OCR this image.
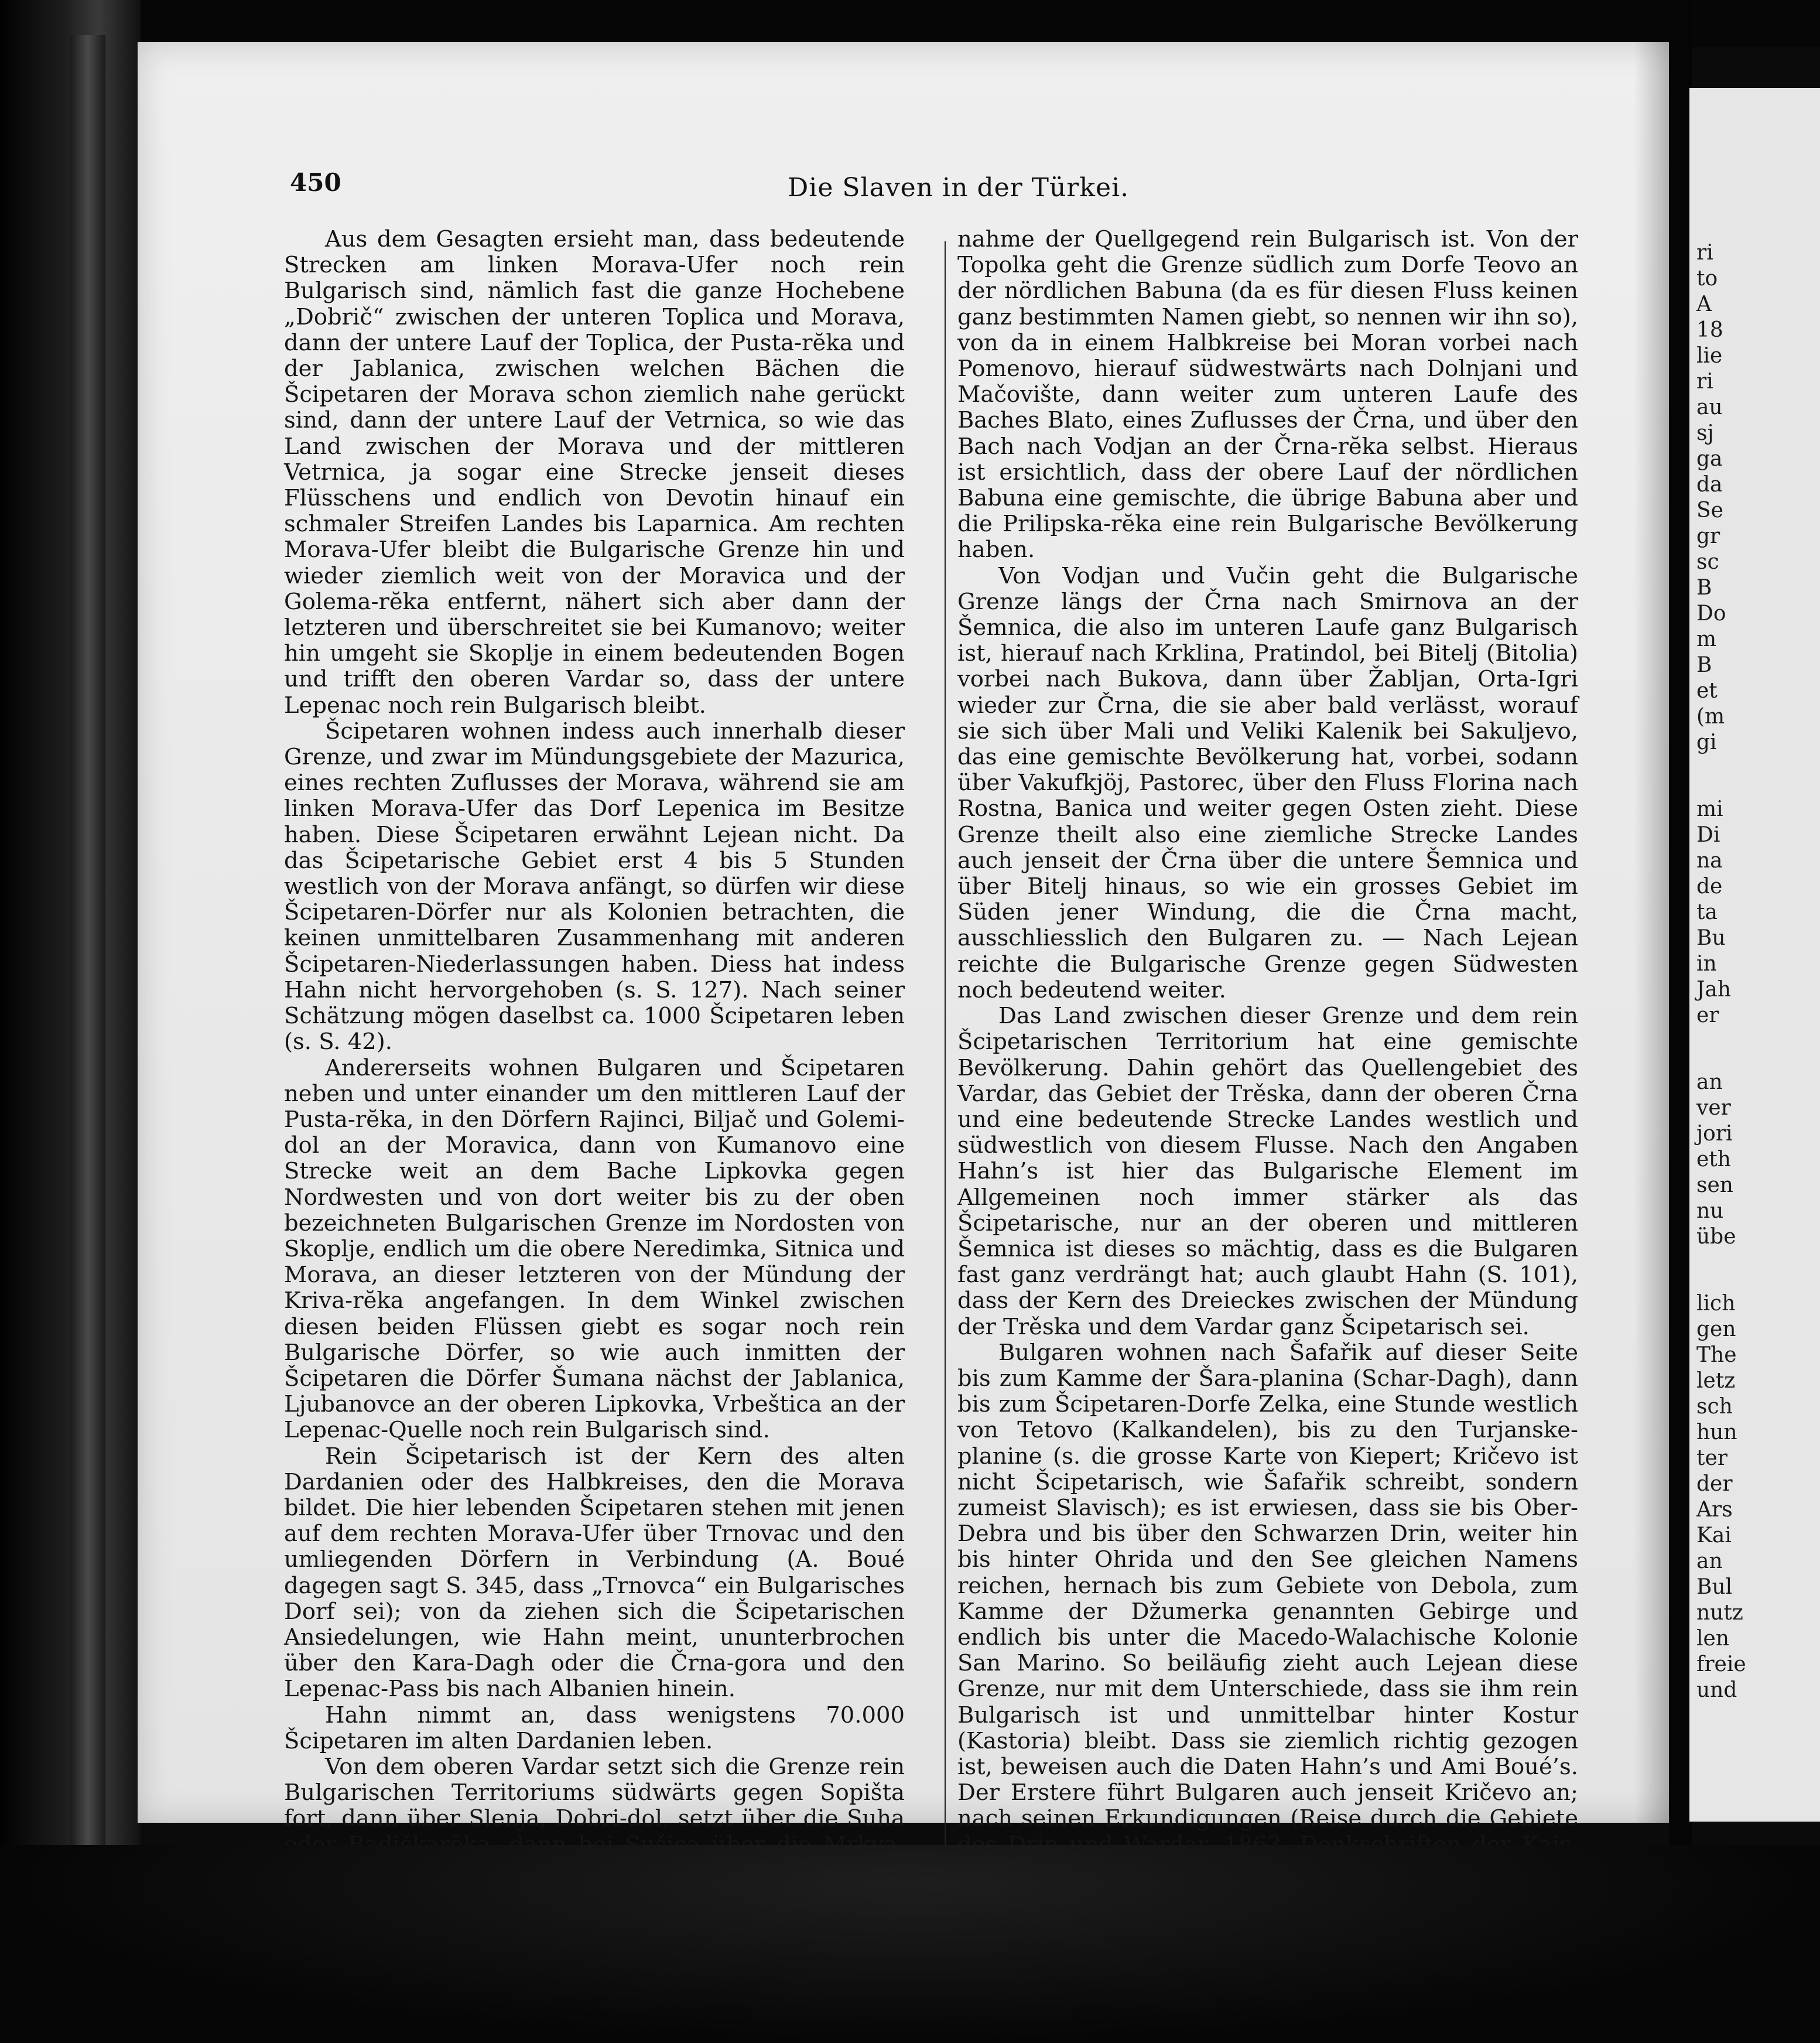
450	Die Slaven in der Türkei.

Aus dem Gesagten ersieht man, dass bedeutende Strecken am linken Morava-Ufer noch rein Bulgarisch sind, nämlich fast die ganze Hochebene „Dobrič“ zwischen der unteren Toplica und Morava, dann der untere Lauf der Toplica, der Pusta-rĕka und der Jablanica, zwischen welchen Bächen die Šcipetaren der Morava schon ziemlich nahe gerückt sind, dann der untere Lauf der Vetrnica, so wie das Land zwischen der Morava und der mittleren Vetrnica, ja sogar eine Strecke jenseit dieses Flüsschens und endlich von Devotin hinauf ein schmaler Streifen Landes bis Laparnica. Am rechten Morava-Ufer bleibt die Bulgarische Grenze hin und wieder ziemlich weit von der Moravica und der Golema-rĕka entfernt, nähert sich aber dann der letzteren und überschreitet sie bei Kumanovo; weiter hin umgeht sie Skoplje in einem bedeutenden Bogen und trifft den oberen Vardar so, dass der untere Lepenac noch rein Bulgarisch bleibt.

Šcipetaren wohnen indess auch innerhalb dieser Grenze, und zwar im Mündungsgebiete der Mazurica, eines rechten Zuflusses der Morava, während sie am linken Morava-Ufer das Dorf Lepenica im Besitze haben. Diese Šcipetaren erwähnt Lejean nicht. Da das Šcipetarische Gebiet erst 4 bis 5 Stunden westlich von der Morava anfängt, so dürfen wir diese Šcipetaren-Dörfer nur als Kolonien betrachten, die keinen unmittelbaren Zusammenhang mit anderen Šcipetaren-Niederlassungen haben. Diess hat indess Hahn nicht hervorgehoben (s. S. 127). Nach seiner Schätzung mögen daselbst ca. 1000 Šcipetaren leben (s. S. 42).

Andererseits wohnen Bulgaren und Šcipetaren neben und unter einander um den mittleren Lauf der Pusta-rĕka, in den Dörfern Rajinci, Biljač und Golemi-dol an der Moravica, dann von Kumanovo eine Strecke weit an dem Bache Lipkovka gegen Nordwesten und von dort weiter bis zu der oben bezeichneten Bulgarischen Grenze im Nordosten von Skoplje, endlich um die obere Neredimka, Sitnica und Morava, an dieser letzteren von der Mündung der Kriva-rĕka angefangen. In dem Winkel zwischen diesen beiden Flüssen giebt es sogar noch rein Bulgarische Dörfer, so wie auch inmitten der Šcipetaren die Dörfer Šumana nächst der Jablanica, Ljubanovce an der oberen Lipkovka, Vrbeštica an der Lepenac-Quelle noch rein Bulgarisch sind.

Rein Šcipetarisch ist der Kern des alten Dardanien oder des Halbkreises, den die Morava bildet. Die hier lebenden Šcipetaren stehen mit jenen auf dem rechten Morava-Ufer über Trnovac und den umliegenden Dörfern in Verbindung (A. Boué dagegen sagt S. 345, dass „Trnovca“ ein Bulgarisches Dorf sei); von da ziehen sich die Šcipetarischen Ansiedelungen, wie Hahn meint, ununterbrochen über den Kara-Dagh oder die Črna-gora und den Lepenac-Pass bis nach Albanien hinein.

Hahn nimmt an, dass wenigstens 70.000 Šcipetaren im alten Dardanien leben.

Von dem oberen Vardar setzt sich die Grenze rein Bulgarischen Territoriums südwärts gegen Sopišta fort, dann über Slenja, Dobri-dol, setzt über die Suha

nahme der Quellgegend rein Bulgarisch ist. Von der Topolka geht die Grenze südlich zum Dorfe Teovo an der nördlichen Babuna (da es für diesen Fluss keinen ganz bestimmten Namen giebt, so nennen wir ihn so), von da in einem Halbkreise bei Moran vorbei nach Pomenovo, hierauf südwestwärts nach Dolnjani und Mačovište, dann weiter zum unteren Laufe des Baches Blato, eines Zuflusses der Črna, und über den Bach nach Vodjan an der Črna-rĕka selbst. Hieraus ist ersichtlich, dass der obere Lauf der nördlichen Babuna eine gemischte, die übrige Babuna aber und die Prilipska-rĕka eine rein Bulgarische Bevölkerung haben.

Von Vodjan und Vučin geht die Bulgarische Grenze längs der Črna nach Smirnova an der Šemnica, die also im unteren Laufe ganz Bulgarisch ist, hierauf nach Krklina, Pratindol, bei Bitelj (Bitolia) vorbei nach Bukova, dann über Žabljan, Orta-Igri wieder zur Črna, die sie aber bald verlässt, worauf sie sich über Mali und Veliki Kalenik bei Sakuljevo, das eine gemischte Bevölkerung hat, vorbei, sodann über Vakufkjöj, Pastorec, über den Fluss Florina nach Rostna, Banica und weiter gegen Osten zieht. Diese Grenze theilt also eine ziemliche Strecke Landes auch jenseit der Črna über die untere Šemnica und über Bitelj hinaus, so wie ein grosses Gebiet im Süden jener Windung, die die Črna macht, ausschliesslich den Bulgaren zu. — Nach Lejean reichte die Bulgarische Grenze gegen Südwesten noch bedeutend weiter.

Das Land zwischen dieser Grenze und dem rein Šcipetarischen Territorium hat eine gemischte Bevölkerung. Dahin gehört das Quellengebiet des Vardar, das Gebiet der Trěska, dann der oberen Črna und eine bedeutende Strecke Landes westlich und südwestlich von diesem Flusse. Nach den Angaben Hahn’s ist hier das Bulgarische Element im Allgemeinen noch immer stärker als das Šcipetarische, nur an der oberen und mittleren Šemnica ist dieses so mächtig, dass es die Bulgaren fast ganz verdrängt hat; auch glaubt Hahn (S. 101), dass der Kern des Dreieckes zwischen der Mündung der Trěska und dem Vardar ganz Šcipetarisch sei.

Bulgaren wohnen nach Šafařik auf dieser Seite bis zum Kamme der Šara-planina (Schar-Dagh), dann bis zum Šcipetaren-Dorfe Zelka, eine Stunde westlich von Tetovo (Kalkandelen), bis zu den Turjanske-planine (s. die grosse Karte von Kiepert; Kričevo ist nicht Šcipetarisch, wie Šafařik schreibt, sondern zumeist Slavisch); es ist erwiesen, dass sie bis Ober-Debra und bis über den Schwarzen Drin, weiter hin bis hinter Ohrida und den See gleichen Namens reichen, hernach bis zum Gebiete von Debola, zum Kamme der Džumerka genannten Gebirge und endlich bis unter die Macedo-Walachische Kolonie San Marino. So beiläufig zieht auch Lejean diese Grenze, nur mit dem Unterschiede, dass sie ihm rein Bulgarisch ist und unmittelbar hinter Kostur (Kastoria) bleibt. Dass sie ziemlich richtig gezogen ist, beweisen auch die Daten Hahn’s und Ami Boué’s. Der Erstere führt Bulgaren auch jenseit Kričevo an; nach seinen Erkundigungen (Reise durch die Gebiete

ri
to
A
18
lie
ri
au
sj
ga
da
Se
gr
sc
B
Do
m
B
et
(m
gi
mi
Di
na
de
ta
Bu
in
Jah
er
an
ver
jori
eth
sen
nu
übe
lich
gen
The
letz
sch
hun
ter
der
Ars
Kai
an
Bul
nutz
len
freie
und
